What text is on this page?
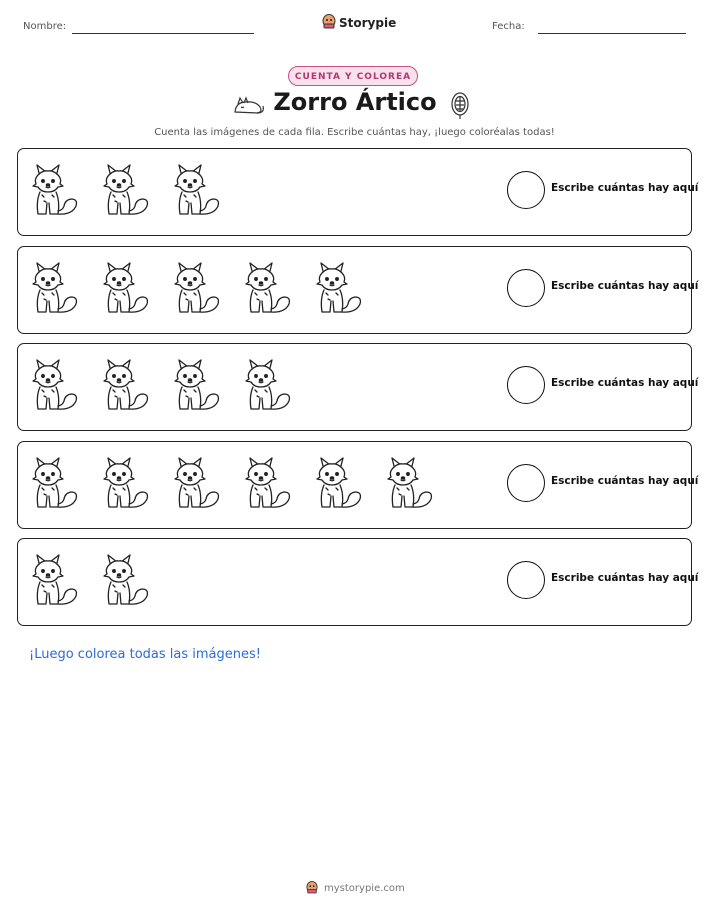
Nombre:	Storypie	Fecha:
CUENTA Y COLOREA
Zorro Ártico
Cuenta las imágenes de cada fila. Escribe cuántas hay, ¡luego coloréalas todas!
Escribe cuántas hay aquí
Escribe cuántas hay aquí
Escribe cuántas hay aquí
Escribe cuántas hay aquí
Escribe cuántas hay aquí
¡Luego colorea todas las imágenes!
mystorypie.com
